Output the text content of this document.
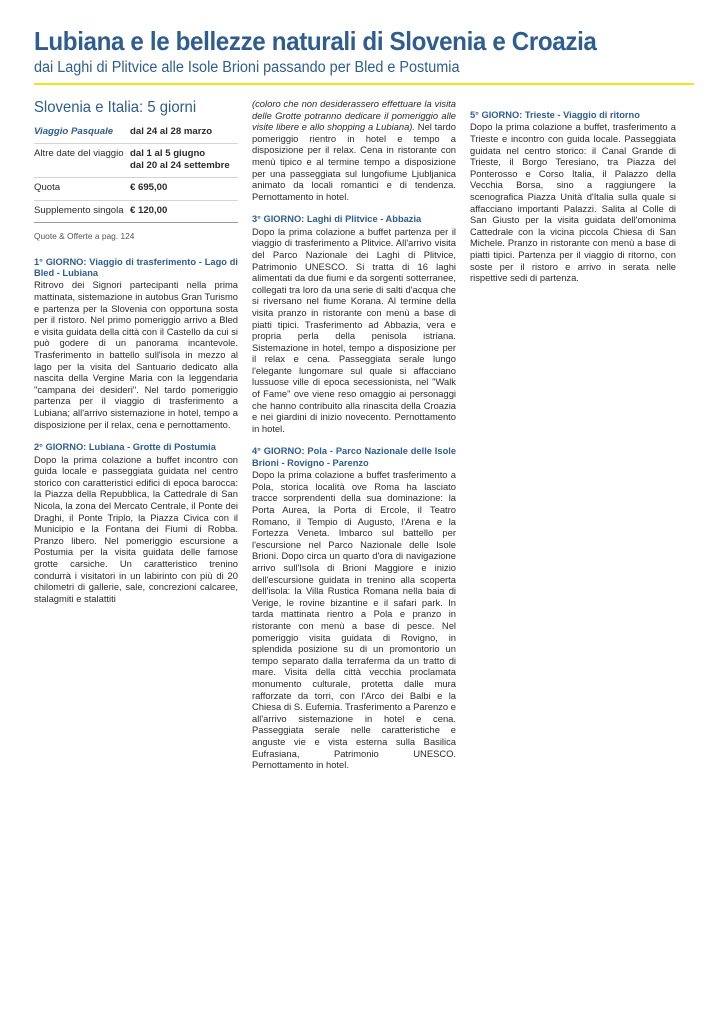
Lubiana e le bellezze naturali di Slovenia e Croazia
dai Laghi di Plitvice alle Isole Brioni passando per Bled e Postumia
Slovenia e Italia: 5 giorni
Viaggio Pasquale	dal 24 al 28 marzo
Altre date del viaggio dal 1 al 5 giugno
dal 20 al 24 settembre
Quota	€ 695,00
Supplemento singola € 120,00
Quote & Offerte a pag. 124
1° GIORNO: Viaggio di trasferimento - Lago di Bled - Lubiana

Ritrovo dei Signori partecipanti nella prima mattinata, sistemazione in autobus Gran Turismo e partenza per la Slovenia con opportuna sosta per il ristoro. Nel primo pomeriggio arrivo a Bled e visita guidata della città con il Castello da cui si può godere di un panorama incantevole. Trasferimento in battello sull'isola in mezzo al lago per la visita del Santuario dedicato alla nascita della Vergine Maria con la leggendaria "campana dei desideri". Nel tardo pomeriggio partenza per il viaggio di trasferimento a Lubiana; all'arrivo sistemazione in hotel, tempo a disposizione per il relax, cena e pernottamento.

2° GIORNO: Lubiana - Grotte di Postumia

Dopo la prima colazione a buffet incontro con guida locale e passeggiata guidata nel centro storico con caratteristici edifici di epoca barocca: la Piazza della Repubblica, la Cattedrale di San Nicola, la zona del Mercato Centrale, il Ponte dei Draghi, il Ponte Triplo, la Piazza Civica con il Municipio e la Fontana dei Fiumi di Robba. Pranzo libero. Nel pomeriggio escursione a Postumia per la visita guidata delle famose grotte carsiche. Un caratteristico trenino condurrà i visitatori in un labirinto con più di 20 chilometri di gallerie, sale, concrezioni calcaree, stalagmiti e stalattiti

(coloro che non desiderassero effettuare la visita delle Grotte potranno dedicare il pomeriggio alle visite libere e allo shopping a Lubiana). Nel tardo pomeriggio rientro in hotel e tempo a disposizione per il relax. Cena in ristorante con menù tipico e al termine tempo a disposizione per una passeggiata sul lungofiume Ljubljanica animato da locali romantici e di tendenza. Pernottamento in hotel.

3° GIORNO: Laghi di Plitvice - Abbazia

Dopo la prima colazione a buffet partenza per il viaggio di trasferimento a Plitvice. All'arrivo visita del Parco Nazionale dei Laghi di Plitvice, Patrimonio UNESCO. Si tratta di 16 laghi alimentati da due fiumi e da sorgenti sotterranee, collegati tra loro da una serie di salti d'acqua che si riversano nel fiume Korana. Al termine della visita pranzo in ristorante con menù a base di piatti tipici. Trasferimento ad Abbazia, vera e propria perla della penisola istriana. Sistemazione in hotel, tempo a disposizione per il relax e cena. Passeggiata serale lungo l'elegante lungomare sul quale si affacciano lussuose ville di epoca secessionista, nel "Walk of Fame" ove viene reso omaggio ai personaggi che hanno contribuito alla rinascita della Croazia e nei giardini di inizio novecento. Pernottamento in hotel.

4° GIORNO: Pola - Parco Nazionale delle Isole Brioni - Rovigno - Parenzo

Dopo la prima colazione a buffet trasferimento a Pola, storica località ove Roma ha lasciato tracce sorprendenti della sua dominazione: la Porta Aurea, la Porta di Ercole, il Teatro Romano, il Tempio di Augusto, l'Arena e la Fortezza Veneta. Imbarco sul battello per l'escursione nel Parco Nazionale delle Isole Brioni. Dopo circa un quarto d'ora di navigazione arrivo sull'Isola di Brioni Maggiore e inizio dell'escursione guidata in trenino alla scoperta dell'isola: la Villa Rustica Romana nella baia di Verige, le rovine bizantine e il safari park. In tarda mattinata rientro a Pola e pranzo in ristorante con menù a base di pesce. Nel pomeriggio visita guidata di Rovigno, in splendida posizione su di un promontorio un tempo separato dalla terraferma da un tratto di mare. Visita della città vecchia proclamata monumento culturale, protetta dalle mura rafforzate da torri, con l'Arco dei Balbi e la Chiesa di S. Eufemia. Trasferimento a Parenzo e all'arrivo sistemazione in hotel e cena. Passeggiata serale nelle caratteristiche e anguste vie e vista esterna sulla Basilica Eufrasiana, Patrimonio UNESCO. Pernottamento in hotel.

5° GIORNO: Trieste - Viaggio di ritorno

Dopo la prima colazione a buffet, trasferimento a Trieste e incontro con guida locale. Passeggiata guidata nel centro storico: il Canal Grande di Trieste, il Borgo Teresiano, tra Piazza del Ponterosso e Corso Italia, il Palazzo della Vecchia Borsa, sino a raggiungere la scenografica Piazza Unità d'Italia sulla quale si affacciano importanti Palazzi. Salita al Colle di San Giusto per la visita guidata dell'omonima Cattedrale con la vicina piccola Chiesa di San Michele. Pranzo in ristorante con menù a base di piatti tipici. Partenza per il viaggio di ritorno, con soste per il ristoro e arrivo in serata nelle rispettive sedi di partenza.
